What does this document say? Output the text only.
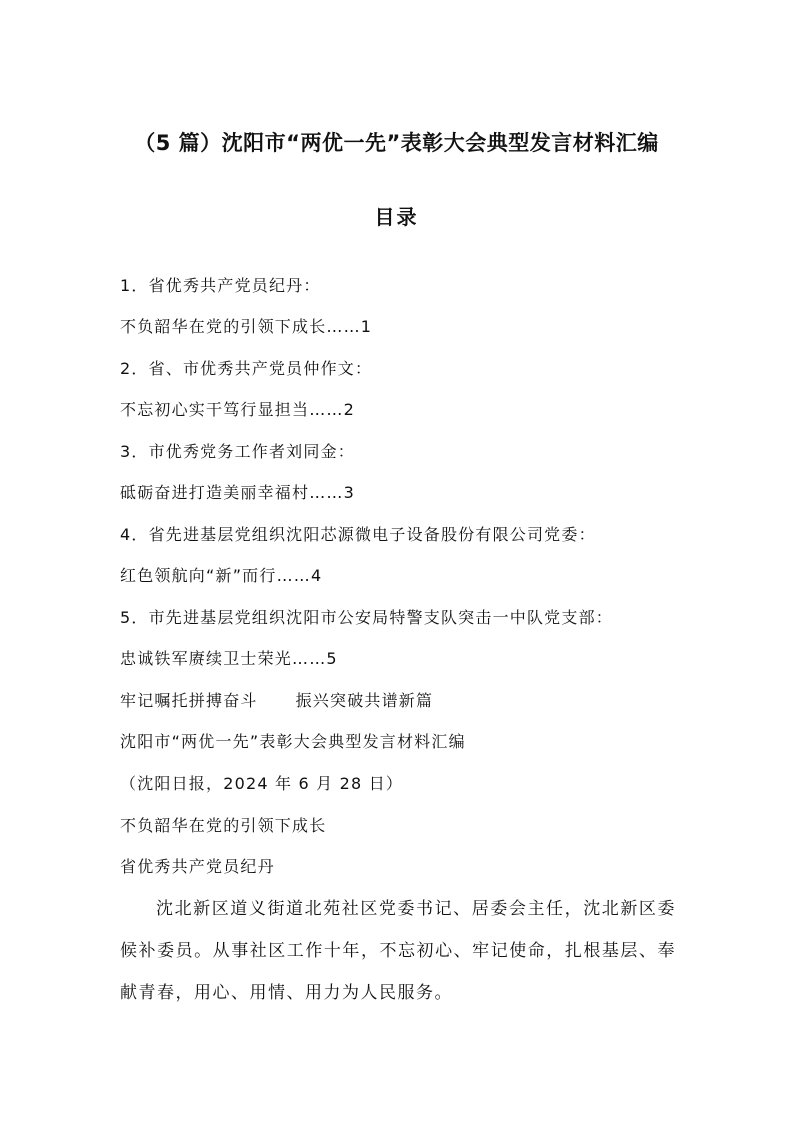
（5 篇）沈阳市“两优一先”表彰大会典型发言材料汇编
目录
1．省优秀共产党员纪丹：
不负韶华在党的引领下成长……1
2．省、市优秀共产党员仲作文：
不忘初心实干笃行显担当……2
3．市优秀党务工作者刘同金：
砥砺奋进打造美丽幸福村……3
4．省先进基层党组织沈阳芯源微电子设备股份有限公司党委：
红色领航向“新”而行……4
5．市先进基层党组织沈阳市公安局特警支队突击一中队党支部：
忠诚铁军赓续卫士荣光……5
牢记嘱托拼搏奋斗 振兴突破共谱新篇
沈阳市“两优一先”表彰大会典型发言材料汇编
（沈阳日报，2024 年 6 月 28 日）
不负韶华在党的引领下成长
省优秀共产党员纪丹
沈北新区道义街道北苑社区党委书记、居委会主任，沈北新区委候补委员。从事社区工作十年，不忘初心、牢记使命，扎根基层、奉献青春，用心、用情、用力为人民服务。
